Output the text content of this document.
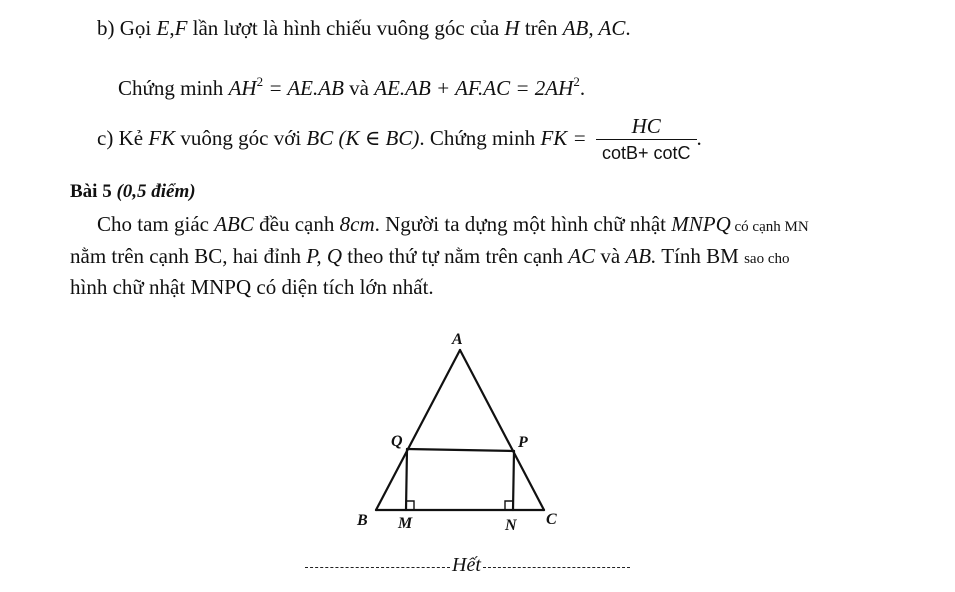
b) Gọi E,F lần lượt là hình chiếu vuông góc của H trên AB, AC.
Chứng minh $AH^2 = AE.AB$ và $AE.AB + AF.AC = 2AH^2$.
c) Kẻ FK vuông góc với BC (K ∈ BC). Chứng minh FK = $\frac{HC}{\cot B+ \cot C}$ .
Bài 5 (0,5 điểm)
Cho tam giác ABC đều cạnh 8cm. Người ta dựng một hình chữ nhật MNPQ có cạnh MN
nằm trên cạnh BC, hai đỉnh P, Q theo thứ tự nằm trên cạnh AC và AB. Tính BM sao cho
hình chữ nhật MNPQ có diện tích lớn nhất.
A
Q	P
B M	N C
Hết
